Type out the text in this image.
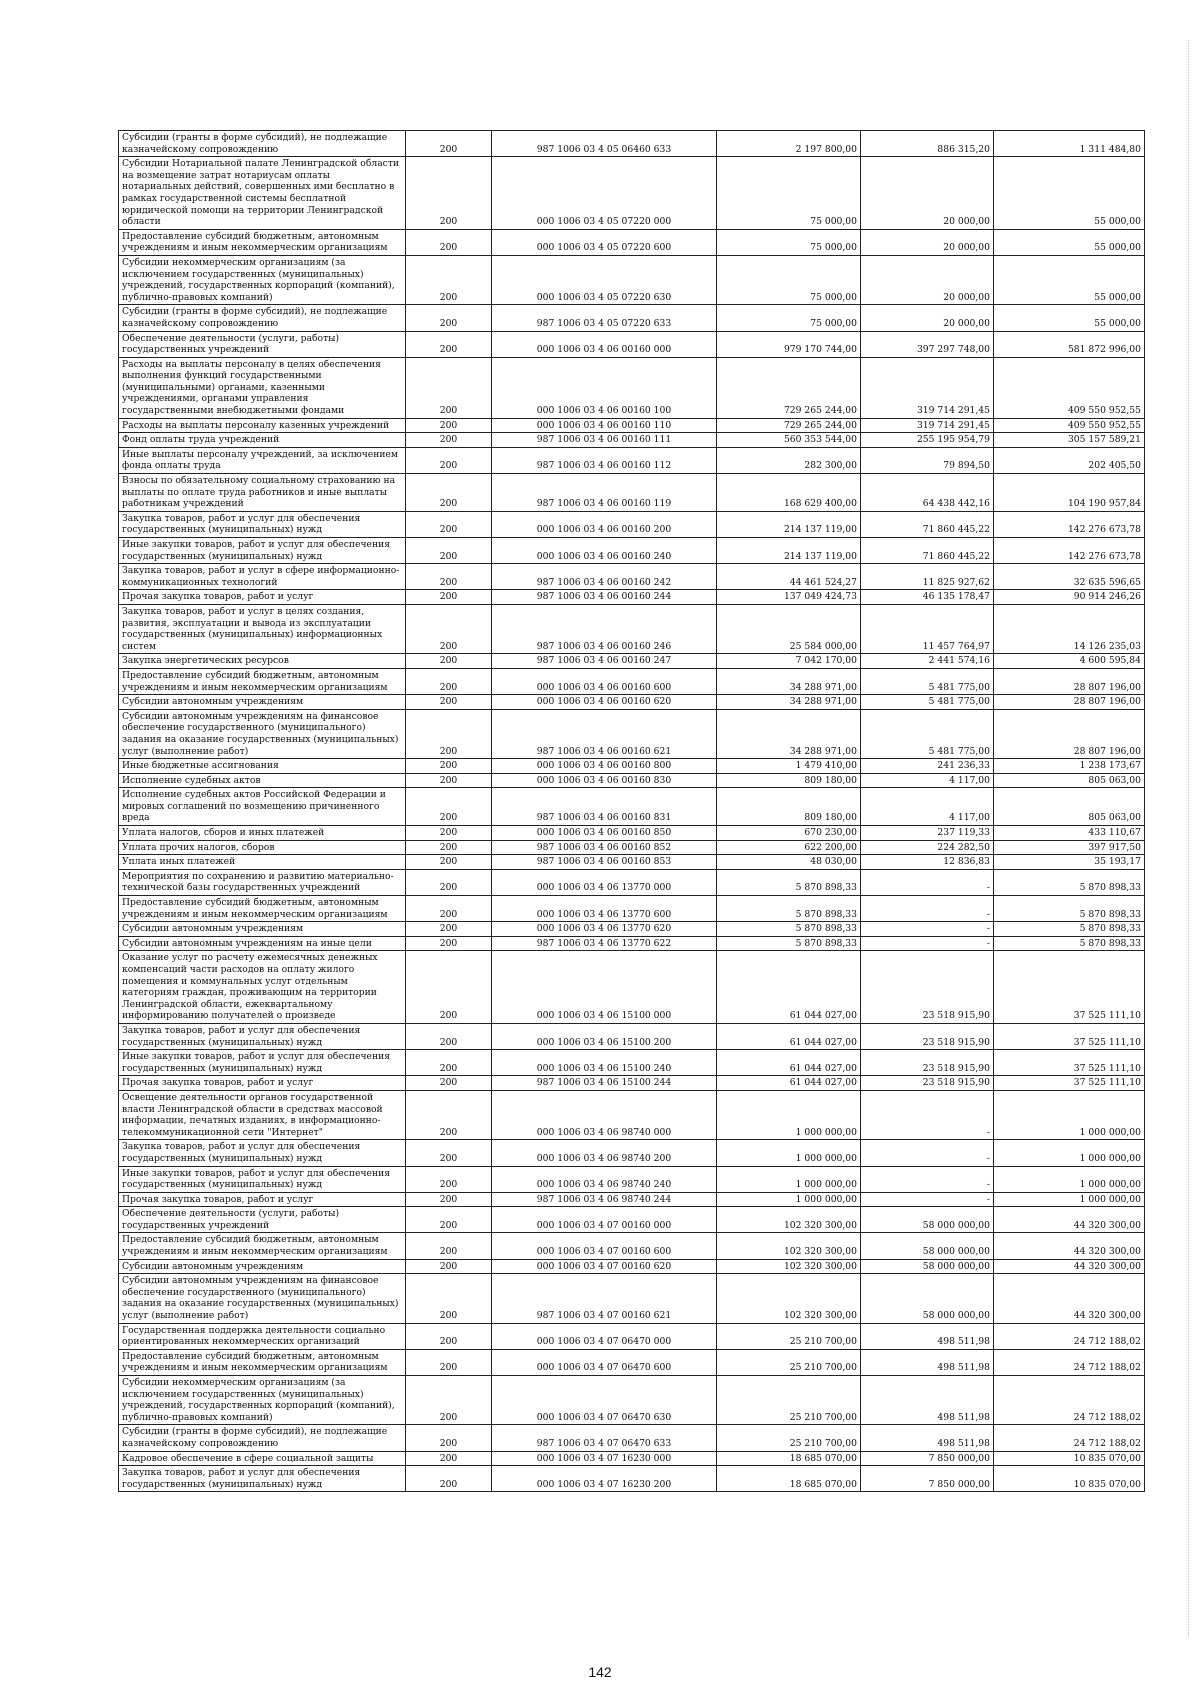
Субсидии (гранты в форме субсидий), не подлежащие казначейскому сопровождению	200	987 1006 03 4 05 06460 633	2 197 800,00	886 315,20	1 311 484,80
Субсидии Нотариальной палате Ленинградской области на возмещение затрат нотариусам оплаты нотариальных действий, совершенных ими бесплатно в рамках государственной системы бесплатной юридической помощи на территории Ленинградской области	200	000 1006 03 4 05 07220 000	75 000,00	20 000,00	55 000,00
Предоставление субсидий бюджетным, автономным учреждениям и иным некоммерческим организациям	200	000 1006 03 4 05 07220 600	75 000,00	20 000,00	55 000,00
Субсидии некоммерческим организациям (за исключением государственных (муниципальных) учреждений, государственных корпораций (компаний), публично-правовых компаний)	200	000 1006 03 4 05 07220 630	75 000,00	20 000,00	55 000,00
Субсидии (гранты в форме субсидий), не подлежащие казначейскому сопровождению	200	987 1006 03 4 05 07220 633	75 000,00	20 000,00	55 000,00
Обеспечение деятельности (услуги, работы) государственных учреждений	200	000 1006 03 4 06 00160 000	979 170 744,00	397 297 748,00	581 872 996,00
Расходы на выплаты персоналу в целях обеспечения выполнения функций государственными (муниципальными) органами, казенными учреждениями, органами управления государственными внебюджетными фондами	200	000 1006 03 4 06 00160 100	729 265 244,00	319 714 291,45	409 550 952,55
Расходы на выплаты персоналу казенных учреждений	200	000 1006 03 4 06 00160 110	729 265 244,00	319 714 291,45	409 550 952,55
Фонд оплаты труда учреждений	200	987 1006 03 4 06 00160 111	560 353 544,00	255 195 954,79	305 157 589,21
Иные выплаты персоналу учреждений, за исключением фонда оплаты труда	200	987 1006 03 4 06 00160 112	282 300,00	79 894,50	202 405,50
Взносы по обязательному социальному страхованию на выплаты по оплате труда работников и иные выплаты работникам учреждений	200	987 1006 03 4 06 00160 119	168 629 400,00	64 438 442,16	104 190 957,84
Закупка товаров, работ и услуг для обеспечения государственных (муниципальных) нужд	200	000 1006 03 4 06 00160 200	214 137 119,00	71 860 445,22	142 276 673,78
Иные закупки товаров, работ и услуг для обеспечения государственных (муниципальных) нужд	200	000 1006 03 4 06 00160 240	214 137 119,00	71 860 445,22	142 276 673,78
Закупка товаров, работ и услуг в сфере информационно-коммуникационных технологий	200	987 1006 03 4 06 00160 242	44 461 524,27	11 825 927,62	32 635 596,65
Прочая закупка товаров, работ и услуг	200	987 1006 03 4 06 00160 244	137 049 424,73	46 135 178,47	90 914 246,26
Закупка товаров, работ и услуг в целях создания, развития, эксплуатации и вывода из эксплуатации государственных (муниципальных) информационных систем	200	987 1006 03 4 06 00160 246	25 584 000,00	11 457 764,97	14 126 235,03
Закупка энергетических ресурсов	200	987 1006 03 4 06 00160 247	7 042 170,00	2 441 574,16	4 600 595,84
Предоставление субсидий бюджетным, автономным учреждениям и иным некоммерческим организациям	200	000 1006 03 4 06 00160 600	34 288 971,00	5 481 775,00	28 807 196,00
Субсидии автономным учреждениям	200	000 1006 03 4 06 00160 620	34 288 971,00	5 481 775,00	28 807 196,00
Субсидии автономным учреждениям на финансовое обеспечение государственного (муниципального) задания на оказание государственных (муниципальных) услуг (выполнение работ)	200	987 1006 03 4 06 00160 621	34 288 971,00	5 481 775,00	28 807 196,00
Иные бюджетные ассигнования	200	000 1006 03 4 06 00160 800	1 479 410,00	241 236,33	1 238 173,67
Исполнение судебных актов	200	000 1006 03 4 06 00160 830	809 180,00	4 117,00	805 063,00
Исполнение судебных актов Российской Федерации и мировых соглашений по возмещению причиненного вреда	200	987 1006 03 4 06 00160 831	809 180,00	4 117,00	805 063,00
Уплата налогов, сборов и иных платежей	200	000 1006 03 4 06 00160 850	670 230,00	237 119,33	433 110,67
Уплата прочих налогов, сборов	200	987 1006 03 4 06 00160 852	622 200,00	224 282,50	397 917,50
Уплата иных платежей	200	987 1006 03 4 06 00160 853	48 030,00	12 836,83	35 193,17
Мероприятия по сохранению и развитию материально-технической базы государственных учреждений	200	000 1006 03 4 06 13770 000	5 870 898,33	-	5 870 898,33
Предоставление субсидий бюджетным, автономным учреждениям и иным некоммерческим организациям	200	000 1006 03 4 06 13770 600	5 870 898,33	-	5 870 898,33
Субсидии автономным учреждениям	200	000 1006 03 4 06 13770 620	5 870 898,33	-	5 870 898,33
Субсидии автономным учреждениям на иные цели	200	987 1006 03 4 06 13770 622	5 870 898,33	-	5 870 898,33
Оказание услуг по расчету ежемесячных денежных компенсаций части расходов на оплату жилого помещения и коммунальных услуг отдельным категориям граждан, проживающим на территории Ленинградской области, ежеквартальному информированию получателей о произведе	200	000 1006 03 4 06 15100 000	61 044 027,00	23 518 915,90	37 525 111,10
Закупка товаров, работ и услуг для обеспечения государственных (муниципальных) нужд	200	000 1006 03 4 06 15100 200	61 044 027,00	23 518 915,90	37 525 111,10
Иные закупки товаров, работ и услуг для обеспечения государственных (муниципальных) нужд	200	000 1006 03 4 06 15100 240	61 044 027,00	23 518 915,90	37 525 111,10
Прочая закупка товаров, работ и услуг	200	987 1006 03 4 06 15100 244	61 044 027,00	23 518 915,90	37 525 111,10
Освещение деятельности органов государственной власти Ленинградской области в средствах массовой информации, печатных изданиях, в информационно-телекоммуникационной сети "Интернет"	200	000 1006 03 4 06 98740 000	1 000 000,00	-	1 000 000,00
Закупка товаров, работ и услуг для обеспечения государственных (муниципальных) нужд	200	000 1006 03 4 06 98740 200	1 000 000,00	-	1 000 000,00
Иные закупки товаров, работ и услуг для обеспечения государственных (муниципальных) нужд	200	000 1006 03 4 06 98740 240	1 000 000,00	-	1 000 000,00
Прочая закупка товаров, работ и услуг	200	987 1006 03 4 06 98740 244	1 000 000,00	-	1 000 000,00
Обеспечение деятельности (услуги, работы) государственных учреждений	200	000 1006 03 4 07 00160 000	102 320 300,00	58 000 000,00	44 320 300,00
Предоставление субсидий бюджетным, автономным учреждениям и иным некоммерческим организациям	200	000 1006 03 4 07 00160 600	102 320 300,00	58 000 000,00	44 320 300,00
Субсидии автономным учреждениям	200	000 1006 03 4 07 00160 620	102 320 300,00	58 000 000,00	44 320 300,00
Субсидии автономным учреждениям на финансовое обеспечение государственного (муниципального) задания на оказание государственных (муниципальных) услуг (выполнение работ)	200	987 1006 03 4 07 00160 621	102 320 300,00	58 000 000,00	44 320 300,00
Государственная поддержка деятельности социально ориентированных некоммерческих организаций	200	000 1006 03 4 07 06470 000	25 210 700,00	498 511,98	24 712 188,02
Предоставление субсидий бюджетным, автономным учреждениям и иным некоммерческим организациям	200	000 1006 03 4 07 06470 600	25 210 700,00	498 511,98	24 712 188,02
Субсидии некоммерческим организациям (за исключением государственных (муниципальных) учреждений, государственных корпораций (компаний), публично-правовых компаний)	200	000 1006 03 4 07 06470 630	25 210 700,00	498 511,98	24 712 188,02
Субсидии (гранты в форме субсидий), не подлежащие казначейскому сопровождению	200	987 1006 03 4 07 06470 633	25 210 700,00	498 511,98	24 712 188,02
Кадровое обеспечение в сфере социальной защиты	200	000 1006 03 4 07 16230 000	18 685 070,00	7 850 000,00	10 835 070,00
Закупка товаров, работ и услуг для обеспечения государственных (муниципальных) нужд	200	000 1006 03 4 07 16230 200	18 685 070,00	7 850 000,00	10 835 070,00
142
